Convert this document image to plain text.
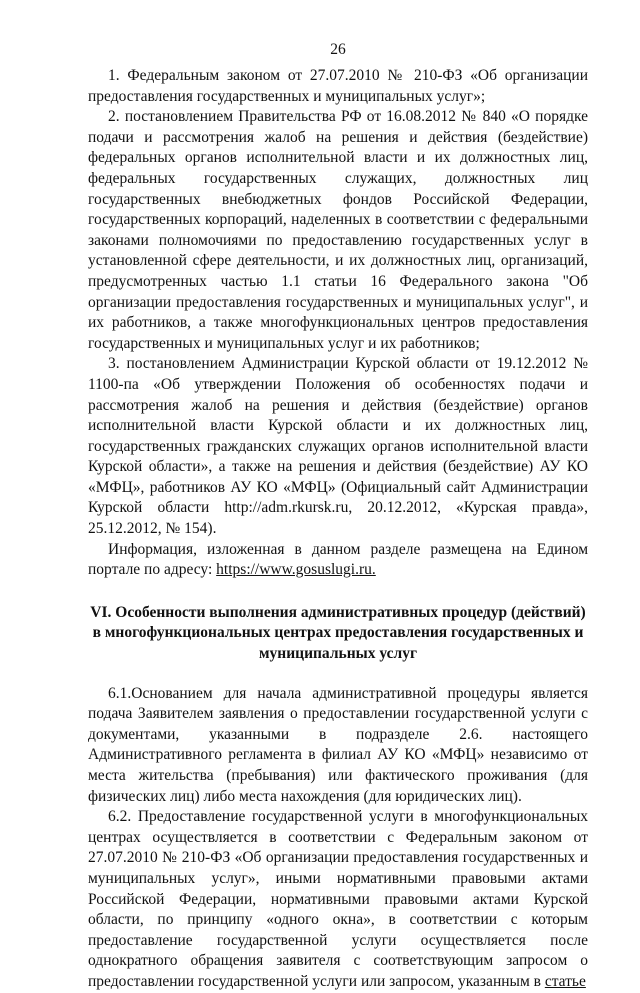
26

1. Федеральным законом от 27.07.2010 № 210-ФЗ «Об организации предоставления государственных и муниципальных услуг»;

2. постановлением Правительства РФ от 16.08.2012 № 840 «О порядке подачи и рассмотрения жалоб на решения и действия (бездействие) федеральных органов исполнительной власти и их должностных лиц, федеральных государственных служащих, должностных лиц государственных внебюджетных фондов Российской Федерации, государственных корпораций, наделенных в соответствии с федеральными законами полномочиями по предоставлению государственных услуг в установленной сфере деятельности, и их должностных лиц, организаций, предусмотренных частью 1.1 статьи 16 Федерального закона "Об организации предоставления государственных и муниципальных услуг", и их работников, а также многофункциональных центров предоставления государственных и муниципальных услуг и их работников;

3. постановлением Администрации Курской области от 19.12.2012 № 1100-па «Об утверждении Положения об особенностях подачи и рассмотрения жалоб на решения и действия (бездействие) органов исполнительной власти Курской области и их должностных лиц, государственных гражданских служащих органов исполнительной власти Курской области», а также на решения и действия (бездействие) АУ КО «МФЦ», работников АУ КО «МФЦ» (Официальный сайт Администрации Курской области http://adm.rkursk.ru, 20.12.2012, «Курская правда», 25.12.2012, № 154).

Информация, изложенная в данном разделе размещена на Едином портале по адресу: https://www.gosuslugi.ru.

VI. Особенности выполнения административных процедур (действий) в многофункциональных центрах предоставления государственных и муниципальных услуг

6.1.Основанием для начала административной процедуры является подача Заявителем заявления о предоставлении государственной услуги с документами, указанными в подразделе 2.6. настоящего Административного регламента в филиал АУ КО «МФЦ» независимо от места жительства (пребывания) или фактического проживания (для физических лиц) либо места нахождения (для юридических лиц).

6.2. Предоставление государственной услуги в многофункциональных центрах осуществляется в соответствии с Федеральным законом от 27.07.2010 № 210-ФЗ «Об организации предоставления государственных и муниципальных услуг», иными нормативными правовыми актами Российской Федерации, нормативными правовыми актами Курской области, по принципу «одного окна», в соответствии с которым предоставление государственной услуги осуществляется после однократного обращения заявителя с соответствующим запросом о предоставлении государственной услуги или запросом, указанным в статье
